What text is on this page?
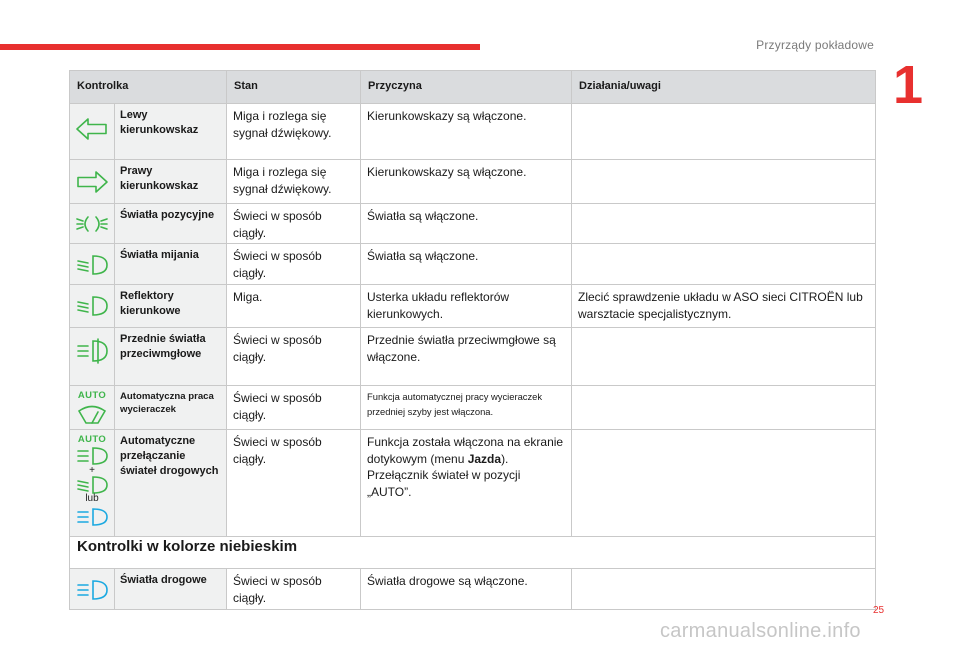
Przyrządy pokładowe
1
Kontrolka		Stan	Przyczyna	Działania/uwagi

	Lewy kierunkowskaz	Miga i rozlega się sygnał dźwiękowy.	Kierunkowskazy są włączone.	

	Prawy kierunkowskaz	Miga i rozlega się sygnał dźwiękowy.	Kierunkowskazy są włączone.	

	Światła pozycyjne	Świeci w sposób ciągły.	Światła są włączone.	

	Światła mijania	Świeci w sposób ciągły.	Światła są włączone.	

	Reflektory kierunkowe	Miga.	Usterka układu reflektorów kierunkowych.	Zlecić sprawdzenie układu w ASO sieci CITROËN lub warsztacie specjalistycznym.

	Przednie światła przeciwmgłowe	Świeci w sposób ciągły.	Przednie światła przeciwmgłowe są włączone.	

AUTO	Automatyczna praca wycieraczek	Świeci w sposób ciągły.	Funkcja automatycznej pracy wycieraczek przedniej szyby jest włączona.	

AUTO
+
lub	Automatyczne przełączanie świateł drogowych	Świeci w sposób ciągły.	Funkcja została włączona na ekranie dotykowym (menu Jazda).
Przełącznik świateł w pozycji „AUTO”.	
Kontrolki w kolorze niebieskim				

	Światła drogowe	Świeci w sposób ciągły.	Światła drogowe są włączone.	
25
carmanualsonline.info
